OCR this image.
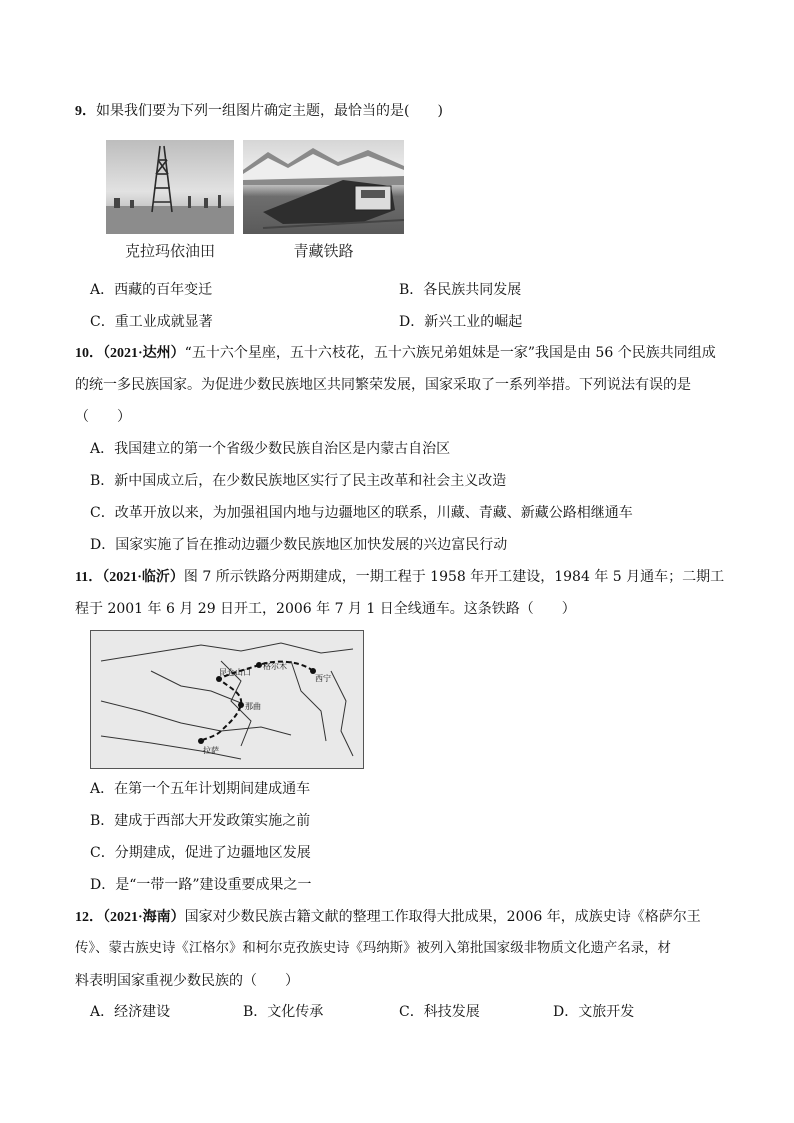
9．如果我们要为下列一组图片确定主题，最恰当的是(　　)
克拉玛依油田	青藏铁路
A．西藏的百年变迁	B．各民族共同发展
C．重工业成就显著	D．新兴工业的崛起
10．（2021·达州）“五十六个星座，五十六枝花，五十六族兄弟姐妹是一家”我国是由 56 个民族共同组成
的统一多民族国家。为促进少数民族地区共同繁荣发展，国家采取了一系列举措。下列说法有误的是
（　　）
A．我国建立的第一个省级少数民族自治区是内蒙古自治区
B．新中国成立后，在少数民族地区实行了民主改革和社会主义改造
C．改革开放以来，为加强祖国内地与边疆地区的联系，川藏、青藏、新藏公路相继通车
D．国家实施了旨在推动边疆少数民族地区加快发展的兴边富民行动
11．（2021·临沂）图 7 所示铁路分两期建成，一期工程于 1958 年开工建设，1984 年 5 月通车；二期工
程于 2001 年 6 月 29 日开工，2006 年 7 月 1 日全线通车。这条铁路（　　）
昆仑山口
格尔木
西宁
那曲
拉萨
A．在第一个五年计划期间建成通车
B．建成于西部大开发政策实施之前
C．分期建成，促进了边疆地区发展
D．是“一带一路”建设重要成果之一
12．（2021·海南）国家对少数民族古籍文献的整理工作取得大批成果，2006 年，成族史诗《格萨尔王
传》、蒙古族史诗《江格尔》和柯尔克孜族史诗《玛纳斯》被列入第批国家级非物质文化遗产名录，材
料表明国家重视少数民族的（　　）
A．经济建设	B．文化传承	C．科技发展	D．文旅开发
